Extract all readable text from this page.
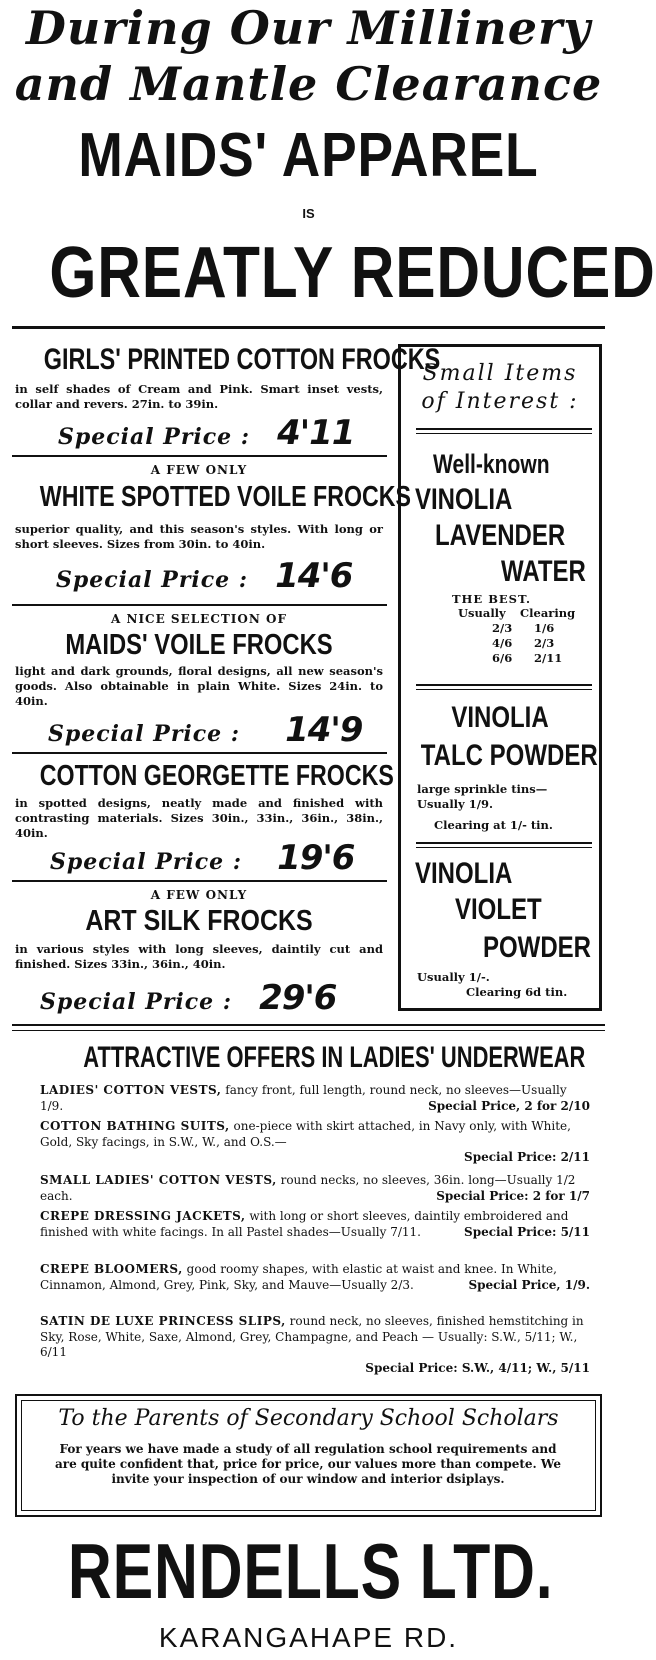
During Our Millinery
and Mantle Clearance
MAIDS' APPAREL
IS
GREATLY REDUCED
GIRLS' PRINTED COTTON FROCKS
in self shades of Cream and Pink. Smart inset vests, collar and revers. 27in. to 39in.
Special Price : 4'11
A FEW ONLY
WHITE SPOTTED VOILE FROCKS
superior quality, and this season's styles. With long or short sleeves. Sizes from 30in. to 40in.
Special Price : 14'6
A NICE SELECTION OF
MAIDS' VOILE FROCKS
light and dark grounds, floral designs, all new season's goods. Also obtainable in plain White. Sizes 24in. to 40in.
Special Price : 14'9
COTTON GEORGETTE FROCKS
in spotted designs, neatly made and finished with contrasting materials. Sizes 30in., 33in., 36in., 38in., 40in.
Special Price : 19'6
A FEW ONLY
ART SILK FROCKS
in various styles with long sleeves, daintily cut and finished. Sizes 33in., 36in., 40in.
Special Price : 29'6
Small Items
of Interest :
Well-known
VINOLIA
LAVENDER
WATER
THE BEST.
Usually	Clearing
2/3	1/6
4/6	2/3
6/6	2/11
VINOLIA
TALC POWDER
large sprinkle tins— Usually 1/9.
Clearing at 1/- tin.
VINOLIA
VIOLET
POWDER
Usually 1/-.
Clearing 6d tin.
ATTRACTIVE OFFERS IN LADIES' UNDERWEAR
LADIES' COTTON VESTS, fancy front, full length, round neck, no sleeves—Usually 1/9.	Special Price, 2 for 2/10
COTTON BATHING SUITS, one-piece with skirt attached, in Navy only, with White, Gold, Sky facings, in S.W., W., and O.S.—
Special Price: 2/11
SMALL LADIES' COTTON VESTS, round necks, no sleeves, 36in. long—Usually 1/2 each.	Special Price: 2 for 1/7
CREPE DRESSING JACKETS, with long or short sleeves, daintily embroidered and finished with white facings. In all Pastel shades—Usually 7/11.	Special Price: 5/11
CREPE BLOOMERS, good roomy shapes, with elastic at waist and knee. In White, Cinnamon, Almond, Grey, Pink, Sky, and Mauve—Usually 2/3.	Special Price, 1/9.
SATIN DE LUXE PRINCESS SLIPS, round neck, no sleeves, finished hemstitching in Sky, Rose, White, Saxe, Almond, Grey, Champagne, and Peach — Usually: S.W., 5/11; W., 6/11
Special Price: S.W., 4/11; W., 5/11
To the Parents of Secondary School Scholars
For years we have made a study of all regulation school requirements and are quite confident that, price for price, our values more than compete. We invite your inspection of our window and interior dsiplays.
RENDELLS LTD.
KARANGAHAPE RD.
